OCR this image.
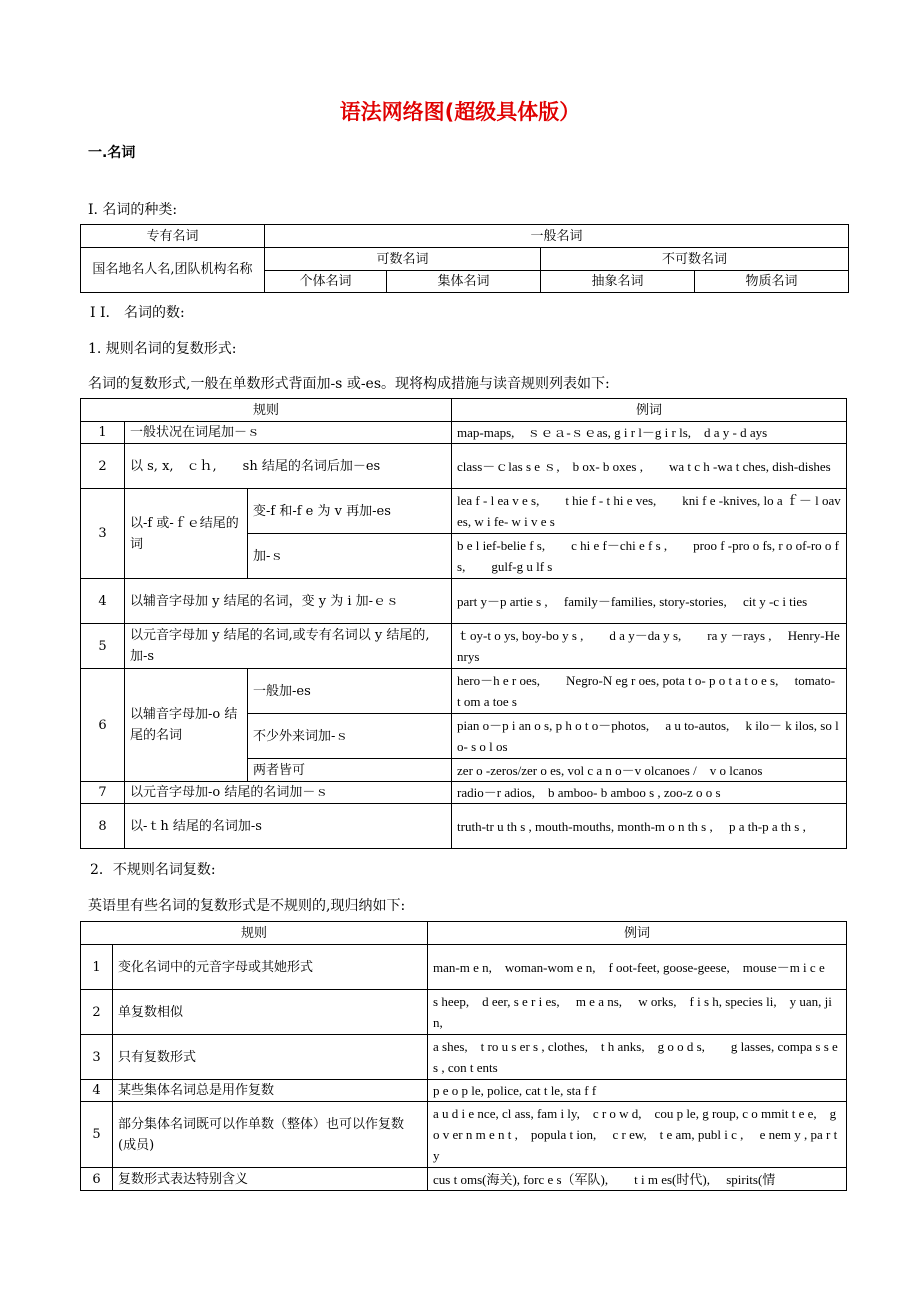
语法网络图(超级具体版）
一.名词
I. 名词的种类:
专有名词	一般名词			
国名地名人名,团队机构名称	可数名词		不可数名词	
	个体名词	集体名词	抽象名词	物质名词
I I.　名词的数:
1. 规则名词的复数形式:
名词的复数形式,一般在单数形式背面加-s 或-es。现将构成措施与读音规则列表如下:
规则			例词
1	一般状况在词尾加－ｓ		map-maps,　ｓｅａ-ｓｅas, g i r l－g i r ls,　d a y - d ays
2	以 s, x,　ｃｈ,　　sh 结尾的名词后加－es		class－ｃlas s e ｓ,　b ox- b oxes ,　　wa t c h -wa t ches, dish-dishes
3	以-f 或-ｆｅ结尾的词	变-f 和-f e 为 v 再加-es	lea f - l ea v e s,　　t hie f - t hi e ves,　　kni f e -knives, lo a ｆ－ l oaves, w i fe- w i v e s
		加-ｓ	b e l ief-belie f s,　　c hi e f－chi e f s ,　　proo f -pro o fs, r o of-ro o f s,　　gulf-g u lf s
4	以辅音字母加 y 结尾的名词，变 y 为 i 加-ｅｓ		part y－p artie s ,　 family－families, story-stories,　 cit y -c i ties
5	以元音字母加 y 结尾的名词,或专有名词以 y 结尾的,加-s		ｔoy-t o ys, boy-bo y s ,　　d a y－da y s,　　ra y －rays ,　 Henry-Henrys
6	以辅音字母加-o 结尾的名词	一般加-es	hero－h e r oes,　　Negro-N eg r oes, pota t o- p o t a t o e s,　 tomato- t om a toe s
		不少外来词加-ｓ	pian o－p i an o s, p h o t o－photos,　 a u to-autos,　 k ilo－ k ilos, so l o- s o l os
		两者皆可	zer o -zeros/zer o es, vol c a n o－v olcanoes /　v o lcanos
7	以元音字母加-o 结尾的名词加－ｓ		radio－r adios,　b amboo- b amboo s , zoo-z o o s
8	以-ｔh 结尾的名词加-s		truth-tr u th s , mouth-mouths, month-m o n th s ,　 p a th-p a th s ,
2．不规则名词复数:
英语里有些名词的复数形式是不规则的,现归纳如下:
规则		例词
1	变化名词中的元音字母或其她形式	man-m e n,　woman-wom e n,　f oot-feet, goose-geese,　mouse－m i c e
2	单复数相似	s heep,　d eer, s e r i es,　 m e a ns,　 w orks,　f i s h, species li,　y uan, jin,
3	只有复数形式	a shes,　t ro u s er s , clothes,　t h anks,　g o o d s,　　g lasses, compa s s e s , con t ents
4	某些集体名词总是用作复数	p e o p le, police, cat t le, sta f f
5	部分集体名词既可以作单数（整体）也可以作复数(成员)	a u d i e nce, cl ass, fam i ly,　c r o w d,　cou p le, g roup, c o mmit t e e,　go v er n m e n t ,　popula t ion,　 c r ew,　t e am, publ i c ,　 e nem y , pa r ty
6	复数形式表达特别含义	cus t oms(海关), forc e s（军队),　　t i m es(时代),　 spirits(情
